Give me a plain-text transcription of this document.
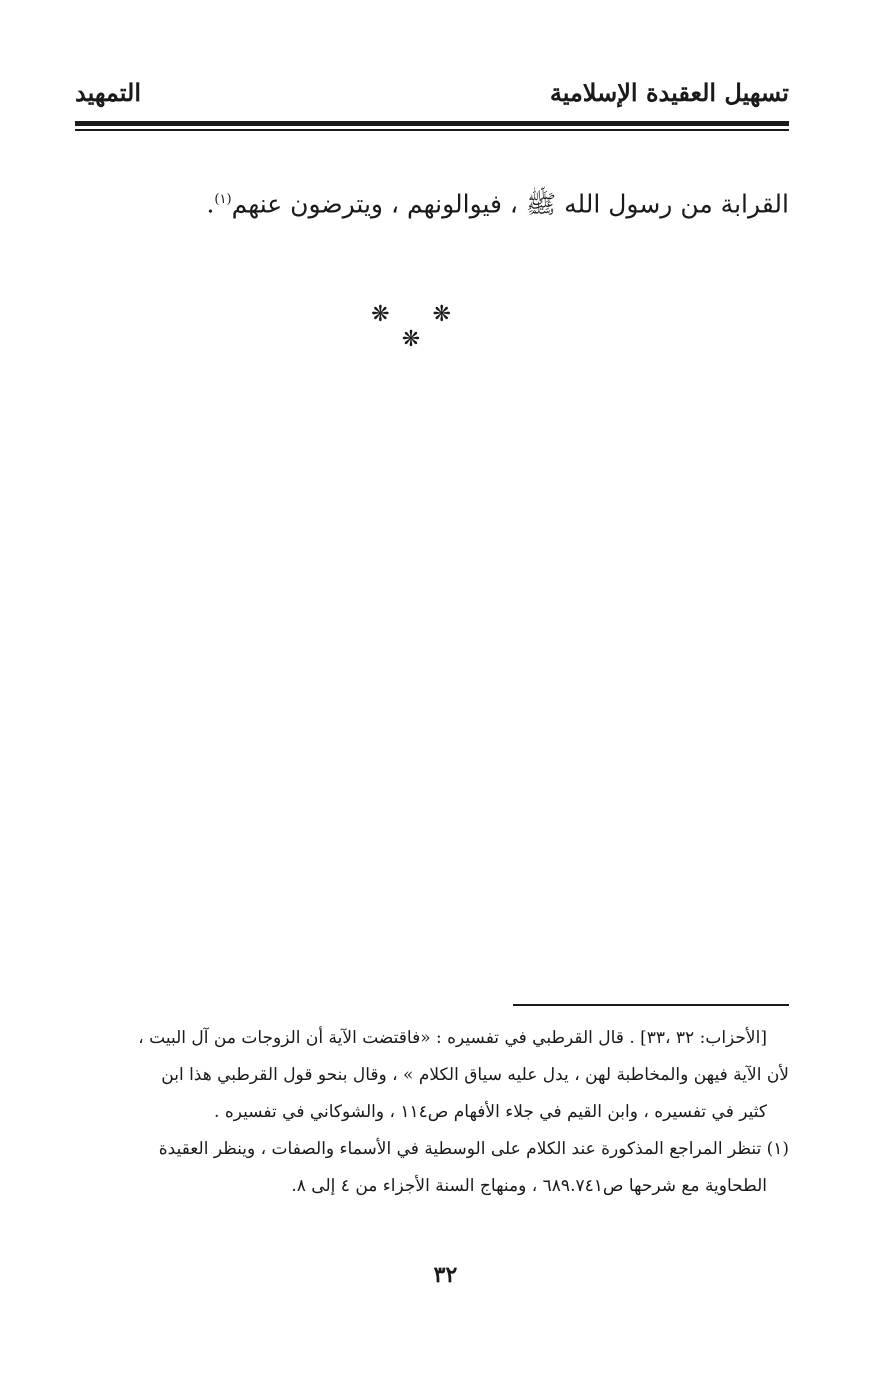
تسهيل العقيدة الإسلامية
التمهيد
القرابة من رسول الله ﷺ ، فيوالونهم ، ويترضون عنهم$^{(١)}$.
❋ ❋ ❋
[الأحزاب: ٣٢ ،٣٣] . قال القرطبي في تفسيره : «فاقتضت الآية أن الزوجات من آل البيت ،
لأن الآية فيهن والمخاطبة لهن ، يدل عليه سياق الكلام » ، وقال بنحو قول القرطبي هذا ابن
كثير في تفسيره ، وابن القيم في جلاء الأفهام ص١١٤ ، والشوكاني في تفسيره .
(١) تنظر المراجع المذكورة عند الكلام على الوسطية في الأسماء والصفات ، وينظر العقيدة
الطحاوية مع شرحها ص٦٨٩.٧٤١ ، ومنهاج السنة الأجزاء من ٤ إلى ٨.
٣٢
